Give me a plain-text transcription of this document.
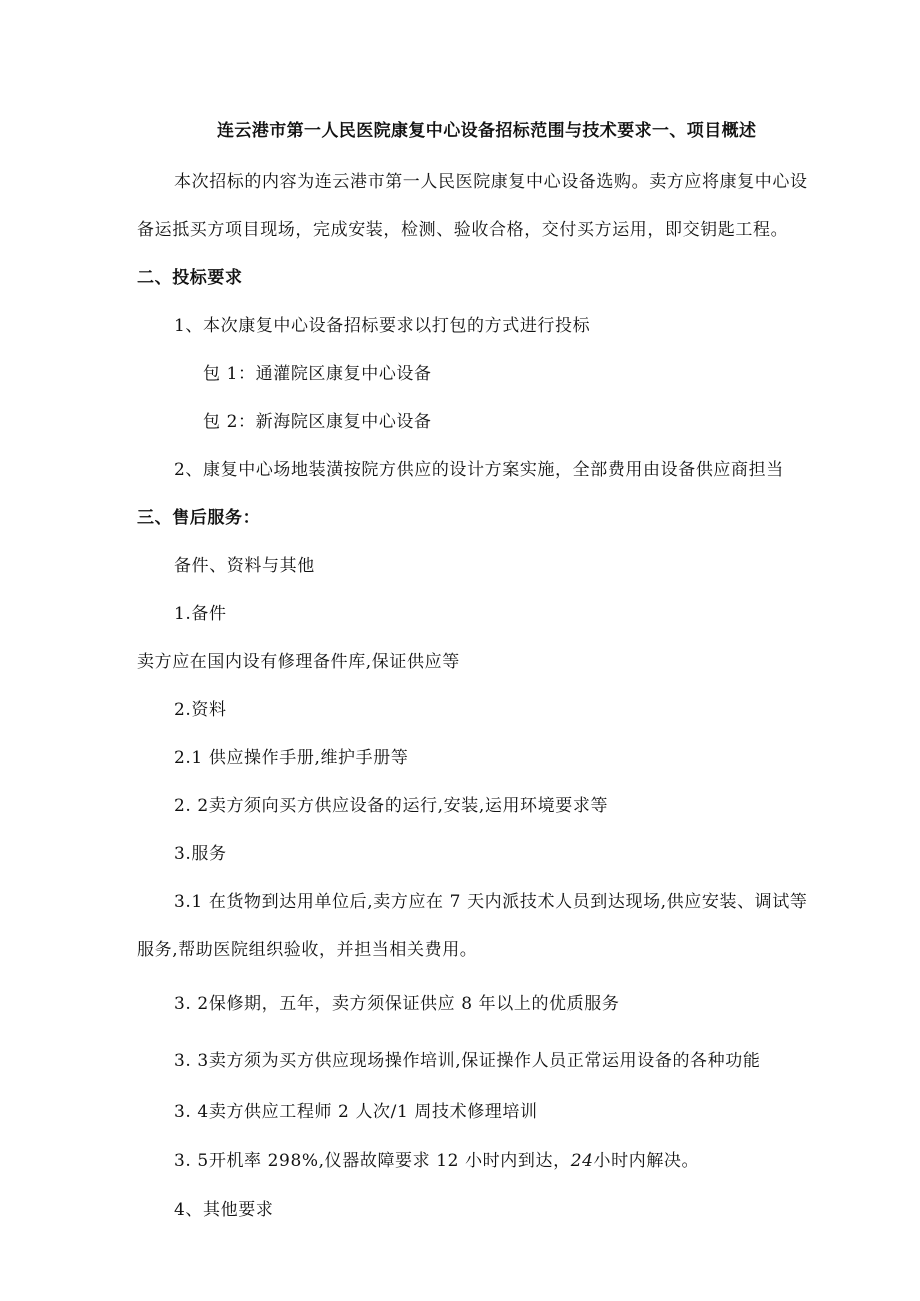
连云港市第一人民医院康复中心设备招标范围与技术要求一、项目概述
本次招标的内容为连云港市第一人民医院康复中心设备选购。卖方应将康复中心设
备运抵买方项目现场，完成安装，检测、验收合格，交付买方运用，即交钥匙工程。
二、投标要求
1、本次康复中心设备招标要求以打包的方式进行投标
包 1：通灌院区康复中心设备
包 2：新海院区康复中心设备
2、康复中心场地装潢按院方供应的设计方案实施，全部费用由设备供应商担当
三、售后服务：
备件、资料与其他
1.备件
卖方应在国内设有修理备件库,保证供应等
2.资料
2.1 供应操作手册,维护手册等
2. 2卖方须向买方供应设备的运行,安装,运用环境要求等
3.服务
3.1 在货物到达用单位后,卖方应在 7 天内派技术人员到达现场,供应安装、调试等
服务,帮助医院组织验收，并担当相关费用。
3. 2保修期，五年，卖方须保证供应 8 年以上的优质服务
3. 3卖方须为买方供应现场操作培训,保证操作人员正常运用设备的各种功能
3. 4卖方供应工程师 2 人次/1 周技术修理培训
3. 5开机率 298%,仪器故障要求 12 小时内到达，24小时内解决。
4、其他要求
